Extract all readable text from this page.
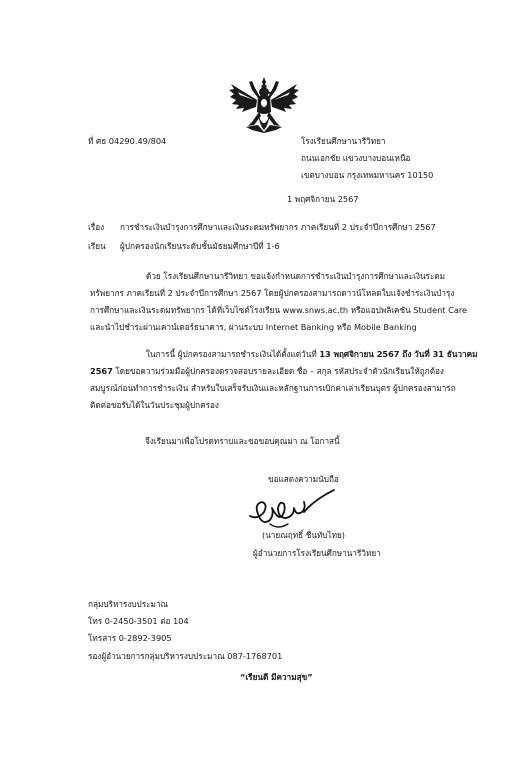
ที่ ศธ 04290.49/804	โรงเรียนศึกษานารีวิทยา
ถนนเอกชัย แขวงบางบอนเหนือ
เขตบางบอน กรุงเทพมหานคร 10150
1 พฤศจิกายน 2567
เรื่อง การชำระเงินบำรุงการศึกษาและเงินระดมทรัพยากร ภาคเรียนที่ 2 ประจำปีการศึกษา 2567
เรียน ผู้ปกครองนักเรียนระดับชั้นมัธยมศึกษาปีที่ 1-6
ด้วย โรงเรียนศึกษานารีวิทยา ขอแจ้งกำหนดการชำระเงินบำรุงการศึกษาและเงินระดม
ทรัพยากร ภาคเรียนที่ 2 ประจำปีการศึกษา 2567 โดยผู้ปกครองสามารถดาวน์โหลดใบแจ้งชำระเงินบำรุง
การศึกษาและเงินระดมทรัพยากร ได้ที่เว็บไซต์โรงเรียน www.snws.ac.th หรือแอปพลิเคชัน Student Care
และนำไปชำระผ่านเคาน์เตอร์ธนาคาร, ผ่านระบบ Internet Banking หรือ Mobile Banking
ในการนี้ ผู้ปกครองสามารถชำระเงินได้ตั้งแต่วันที่ 13 พฤศจิกายน 2567 ถึง วันที่ 31 ธันวาคม
2567 โดยขอความร่วมมือผู้ปกครองตรวจสอบรายละเอียด ชื่อ – สกุล รหัสประจำตัวนักเรียนให้ถูกต้อง
สมบูรณ์ก่อนทำการชำระเงิน สำหรับใบเสร็จรับเงินและหลักฐานการเบิกค่าเล่าเรียนบุตร ผู้ปกครองสามารถ
ติดต่อขอรับได้ในวันประชุมผู้ปกครอง
จึงเรียนมาเพื่อโปรดทราบและขอขอบคุณมา ณ โอกาสนี้
ขอแสดงความนับถือ
(นายณฤทธิ์ ชื่นทับไทย)
ผู้อำนวยการโรงเรียนศึกษานารีวิทยา
กลุ่มบริหารงบประมาณ
โทร 0-2450-3501 ต่อ 104
โทรสาร 0-2892-3905
รองผู้อำนวยการกลุ่มบริหารงบประมาณ 087-1768701
“เรียนดี มีความสุข”
